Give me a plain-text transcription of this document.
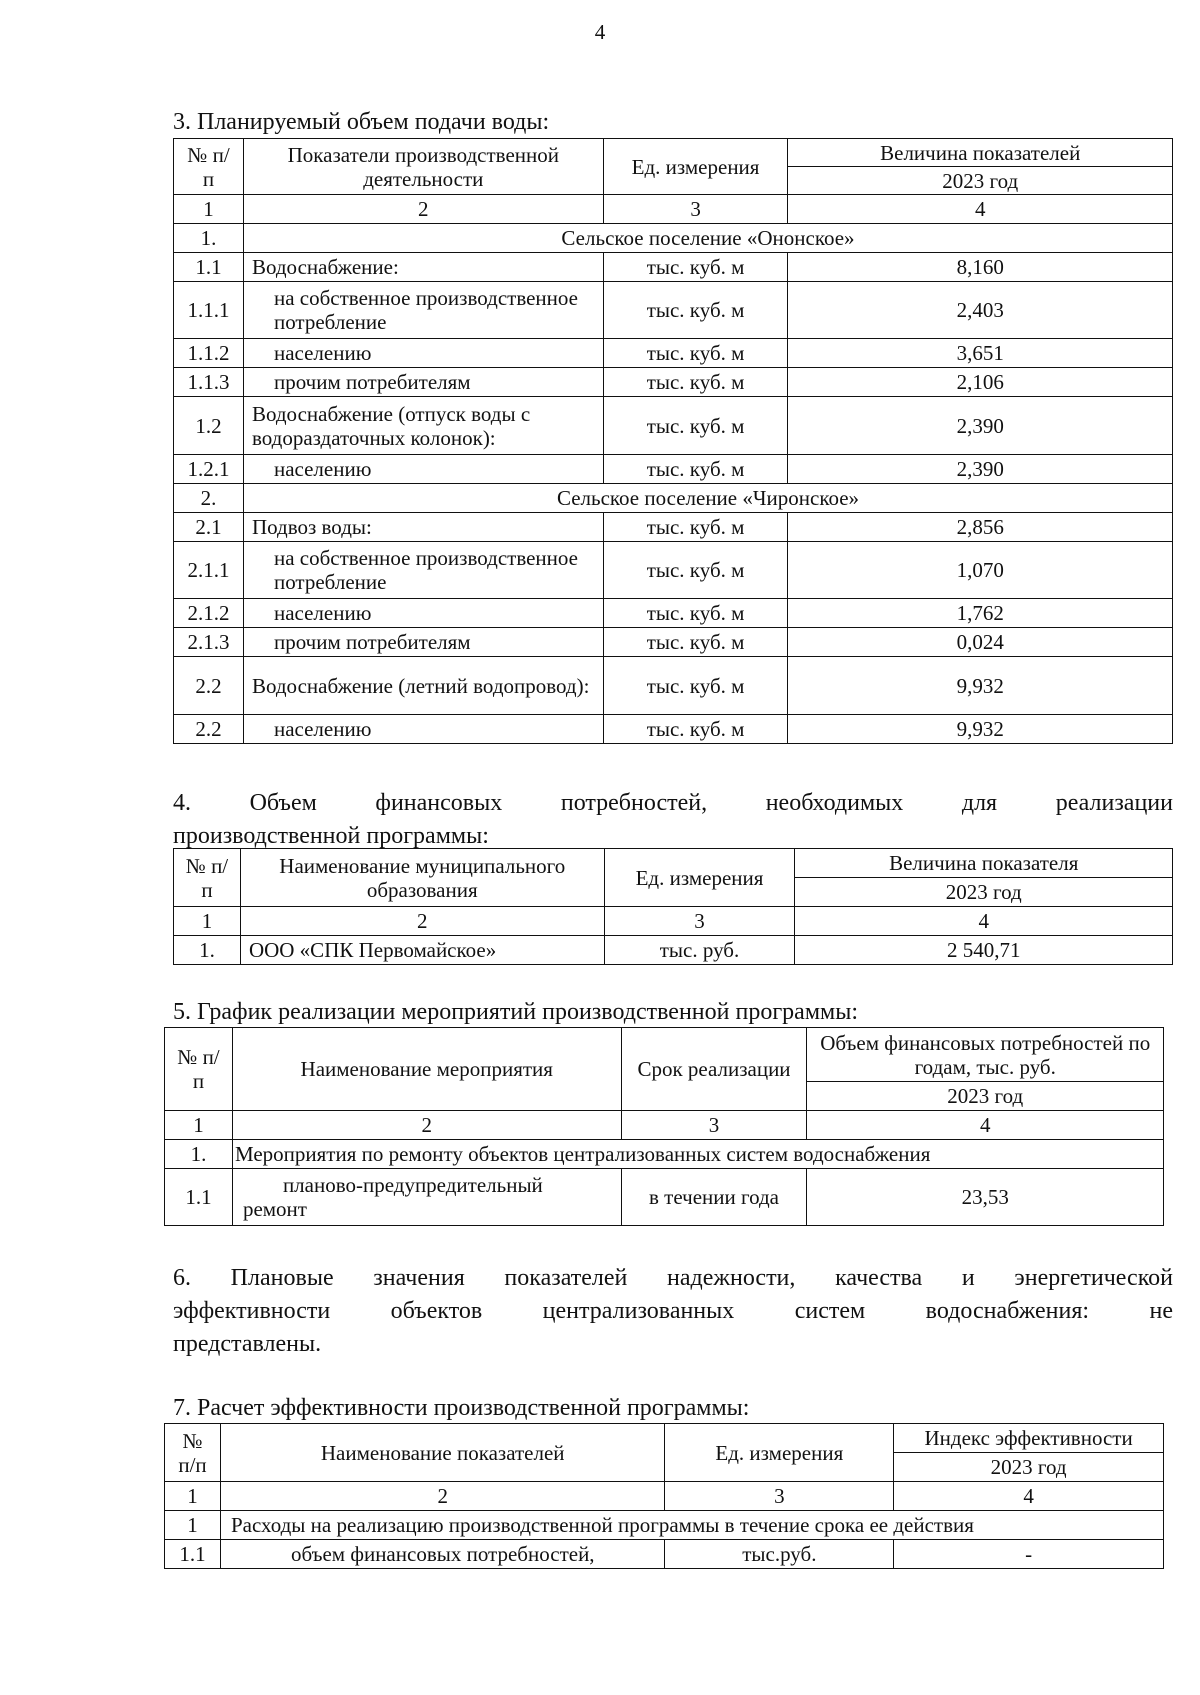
4
3. Планируемый объем подачи воды:
№ п/п	Показатели производственной деятельности	Ед. измерения	Величина показателей
			2023 год
1	2	3	4
1.	Сельское поселение «Ононское»		
1.1	Водоснабжение:	тыс. куб. м	8,160
1.1.1	на собственное производственное потребление	тыс. куб. м	2,403
1.1.2	населению	тыс. куб. м	3,651
1.1.3	прочим потребителям	тыс. куб. м	2,106
1.2	Водоснабжение (отпуск воды с водораздаточных колонок):	тыс. куб. м	2,390
1.2.1	населению	тыс. куб. м	2,390
2.	Сельское поселение «Чиронское»		
2.1	Подвоз воды:	тыс. куб. м	2,856
2.1.1	на собственное производственное потребление	тыс. куб. м	1,070
2.1.2	населению	тыс. куб. м	1,762
2.1.3	прочим потребителям	тыс. куб. м	0,024
2.2	Водоснабжение (летний водопровод):	тыс. куб. м	9,932
2.2	населению	тыс. куб. м	9,932
4. Объем финансовых потребностей, необходимых для реализации
производственной программы:
№ п/п	Наименование муниципального образования	Ед. измерения	Величина показателя
			2023 год
1	2	3	4
1.	ООО «СПК Первомайское»	тыс. руб.	2 540,71
5. График реализации мероприятий производственной программы:
№ п/п	Наименование мероприятия	Срок реализации	Объем финансовых потребностей по годам, тыс. руб.
			2023 год
1	2	3	4
1.	Мероприятия по ремонту объектов централизованных систем водоснабжения		
1.1	планово-предупредительный ремонт	в течении года	23,53
6. Плановые значения показателей надежности, качества и энергетической
эффективности объектов централизованных систем водоснабжения: не
представлены.
7. Расчет эффективности производственной программы:
№ п/п	Наименование показателей	Ед. измерения	Индекс эффективности
			2023 год
1	2	3	4
1	Расходы на реализацию производственной программы в течение срока ее действия		
1.1	объем финансовых потребностей,	тыс.руб.	-
